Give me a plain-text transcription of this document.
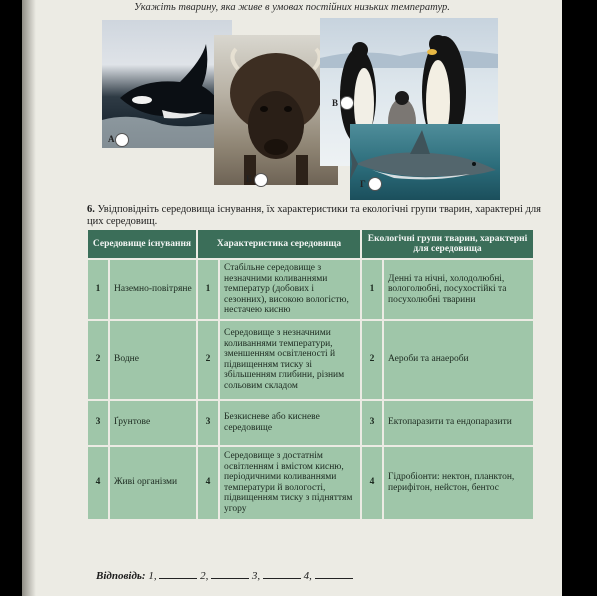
Укажіть тварину, яка живе в умовах постійних низьких температур.
А
Б
В
Г
6. Увідповідніть середовища існування, їх характеристики та екологічні групи тварин, характерні для цих середовищ.
Середовище існування		Характеристика середовища		Екологічні групи тварин, характерні для середовища	
1	Наземно-повітряне	1	Стабільне середовище з незначними коливаннями температур (добових і сезонних), високою вологістю, нестачею кисню	1	Денні та нічні, холодолюбні, вологолюбні, посухостійкі та посухолюбні тварини
2	Водне	2	Середовище з незначними коливаннями температури, зменшенням освітленості й підвищенням тиску зі збільшенням глибини, різним сольовим складом	2	Аероби та анаероби
3	Ґрунтове	3	Безкисневе або кисневе середовище	3	Ектопаразити та ендопаразити
4	Живі організми	4	Середовище з достатнім освітленням і вмістом кисню, періодичними коливаннями температури й вологості, підвищенням тиску з підняттям угору	4	Гідробіонти: нектон, планктон, перифітон, нейстон, бентос
Відповідь: 1,	2,	3,	4,
